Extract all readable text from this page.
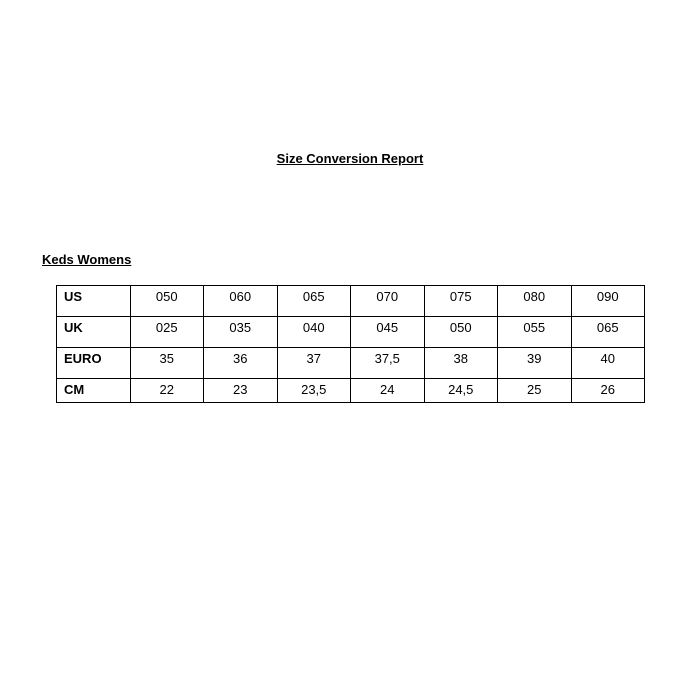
Size Conversion Report
Keds Womens
US	050	060	065	070	075	080	090
UK	025	035	040	045	050	055	065
EURO	35	36	37	37,5	38	39	40
CM	22	23	23,5	24	24,5	25	26
